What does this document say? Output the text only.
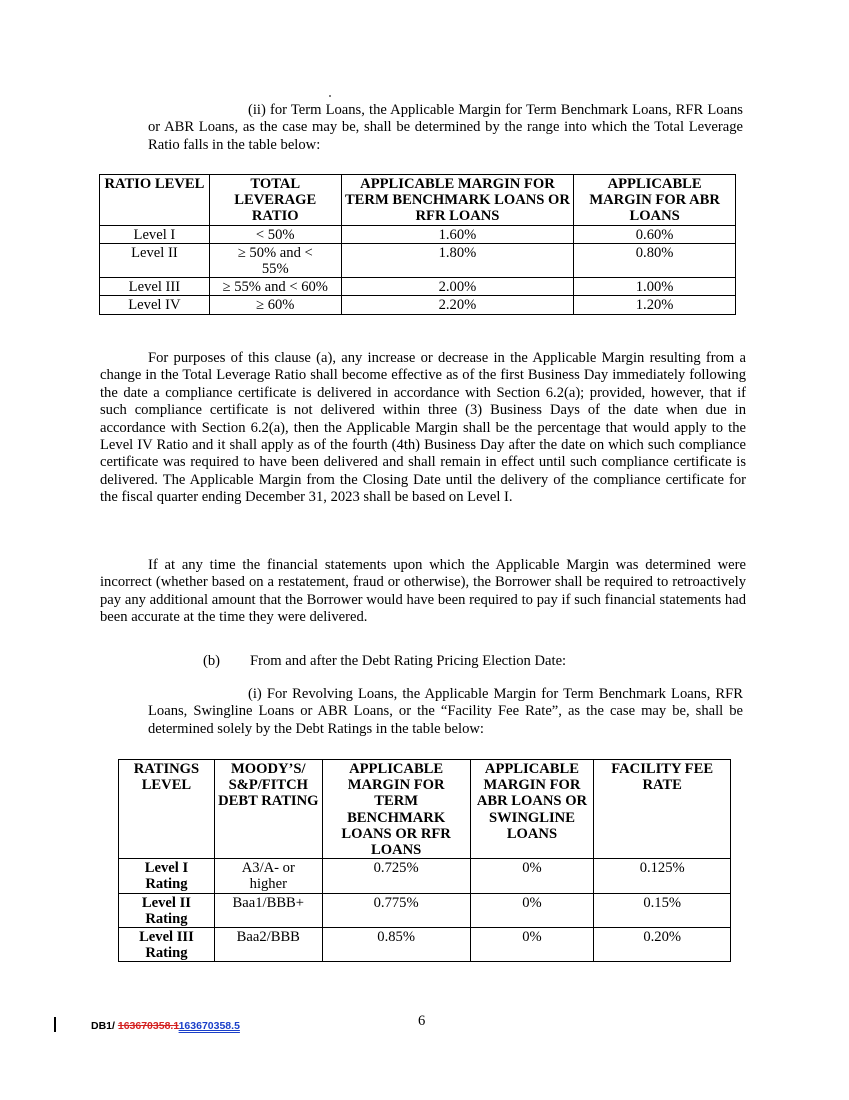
(ii) for Term Loans, the Applicable Margin for Term Benchmark Loans, RFR Loans or ABR Loans, as the case may be, shall be determined by the range into which the Total Leverage Ratio falls in the table below:

RATIO LEVEL	TOTAL LEVERAGE RATIO	APPLICABLE MARGIN FOR TERM BENCHMARK LOANS OR RFR LOANS	APPLICABLE MARGIN FOR ABR LOANS
Level I	< 50%	1.60%	0.60%
Level II	≥ 50% and < 55%	1.80%	0.80%
Level III	≥ 55% and < 60%	2.00%	1.00%
Level IV	≥ 60%	2.20%	1.20%

For purposes of this clause (a), any increase or decrease in the Applicable Margin resulting from a change in the Total Leverage Ratio shall become effective as of the first Business Day immediately following the date a compliance certificate is delivered in accordance with Section 6.2(a); provided, however, that if such compliance certificate is not delivered within three (3) Business Days of the date when due in accordance with Section 6.2(a), then the Applicable Margin shall be the percentage that would apply to the Level IV Ratio and it shall apply as of the fourth (4th) Business Day after the date on which such compliance certificate was required to have been delivered and shall remain in effect until such compliance certificate is delivered. The Applicable Margin from the Closing Date until the delivery of the compliance certificate for the fiscal quarter ending December 31, 2023 shall be based on Level I.

If at any time the financial statements upon which the Applicable Margin was determined were incorrect (whether based on a restatement, fraud or otherwise), the Borrower shall be required to retroactively pay any additional amount that the Borrower would have been required to pay if such financial statements had been accurate at the time they were delivered.

(b) From and after the Debt Rating Pricing Election Date:

(i) For Revolving Loans, the Applicable Margin for Term Benchmark Loans, RFR Loans, Swingline Loans or ABR Loans, or the “Facility Fee Rate”, as the case may be, shall be determined solely by the Debt Ratings in the table below:

RATINGS LEVEL	MOODY’S/ S&P/FITCH DEBT RATING	APPLICABLE MARGIN FOR TERM BENCHMARK LOANS OR RFR LOANS	APPLICABLE MARGIN FOR ABR LOANS OR SWINGLINE LOANS	FACILITY FEE RATE
Level I Rating	A3/A- or higher	0.725%	0%	0.125%
Level II Rating	Baa1/BBB+	0.775%	0%	0.15%
Level III Rating	Baa2/BBB	0.85%	0%	0.20%
DB1/ 163670358.1163670358.5	6
